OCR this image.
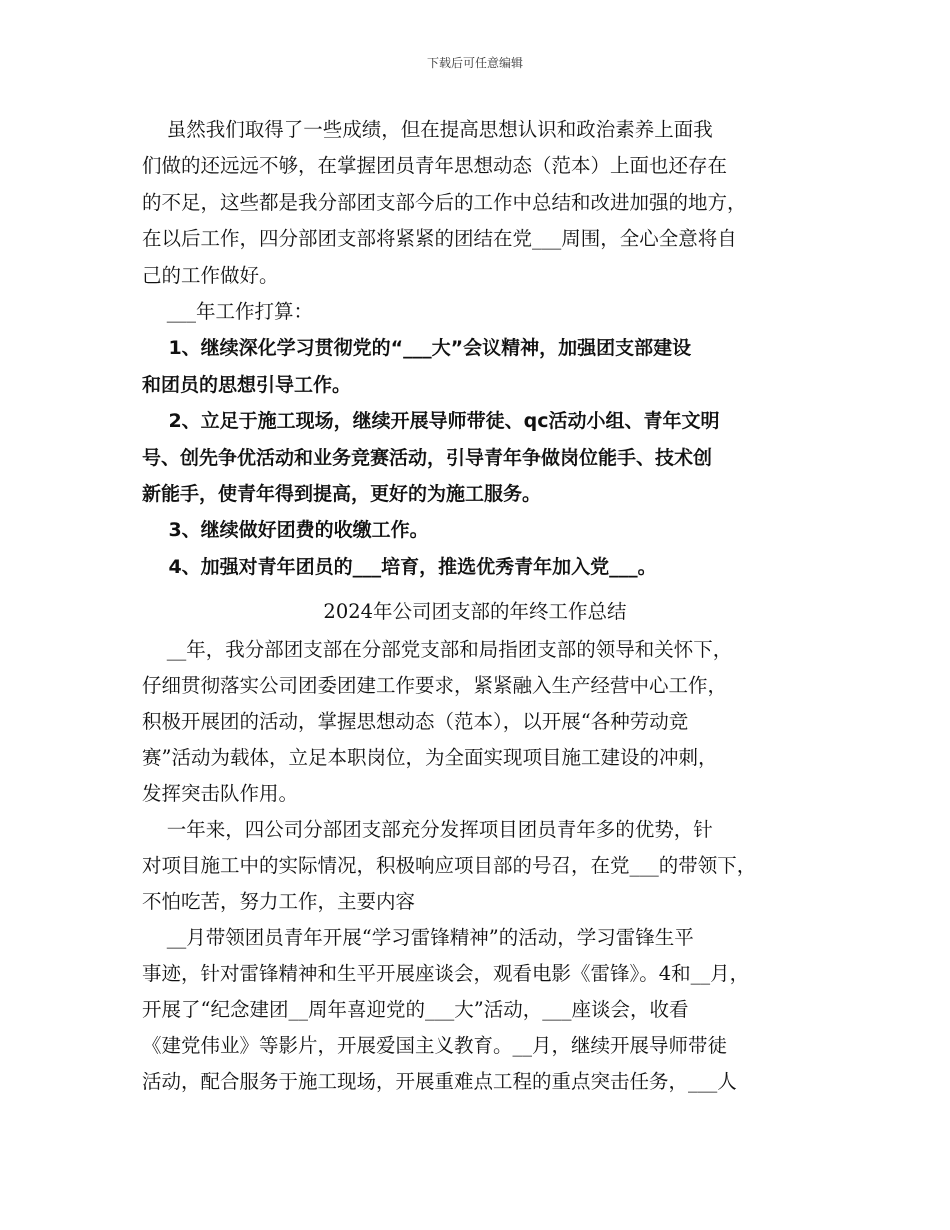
下载后可任意编辑
虽然我们取得了一些成绩，但在提高思想认识和政治素养上面我
们做的还远远不够，在掌握团员青年思想动态（范本）上面也还存在
的不足，这些都是我分部团支部今后的工作中总结和改进加强的地方，
在以后工作，四分部团支部将紧紧的团结在党___周围，全心全意将自
己的工作做好。
___年工作打算：
1、继续深化学习贯彻党的“___大”会议精神，加强团支部建设
和团员的思想引导工作。
2、立足于施工现场，继续开展导师带徒、qc活动小组、青年文明
号、创先争优活动和业务竞赛活动，引导青年争做岗位能手、技术创
新能手，使青年得到提高，更好的为施工服务。
3、继续做好团费的收缴工作。
4、加强对青年团员的___培育，推选优秀青年加入党___。
2024年公司团支部的年终工作总结
__年，我分部团支部在分部党支部和局指团支部的领导和关怀下，
仔细贯彻落实公司团委团建工作要求，紧紧融入生产经营中心工作，
积极开展团的活动，掌握思想动态（范本），以开展“各种劳动竞
赛”活动为载体，立足本职岗位，为全面实现项目施工建设的冲刺，
发挥突击队作用。
一年来，四公司分部团支部充分发挥项目团员青年多的优势，针
对项目施工中的实际情况，积极响应项目部的号召，在党___的带领下，
不怕吃苦，努力工作，主要内容
__月带领团员青年开展“学习雷锋精神”的活动，学习雷锋生平
事迹，针对雷锋精神和生平开展座谈会，观看电影《雷锋》。4和__月，
开展了“纪念建团__周年喜迎党的___大”活动，___座谈会，收看
《建党伟业》等影片，开展爱国主义教育。__月，继续开展导师带徒
活动，配合服务于施工现场，开展重难点工程的重点突击任务，___人
